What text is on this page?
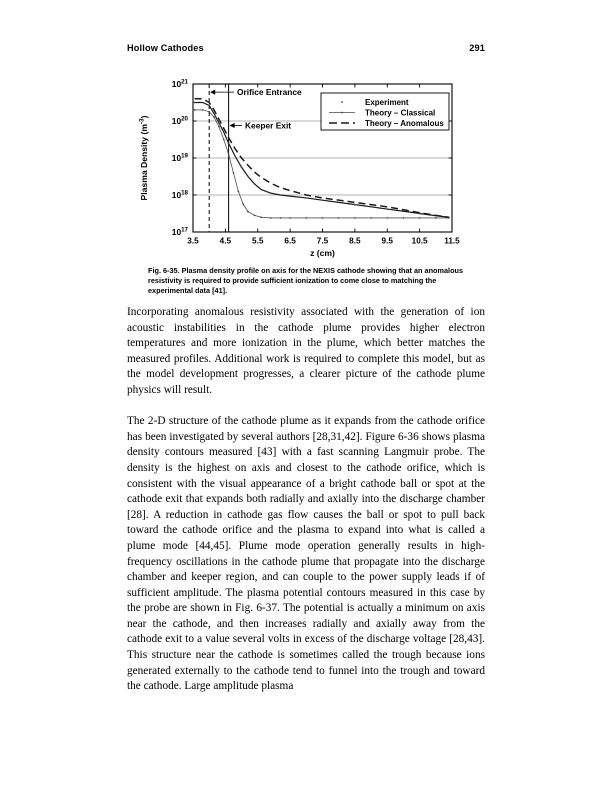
Hollow Cathodes	291
3.5	4.5	5.5	6.5	7.5	8.5	9.5 10.5 11.5
$10^{21}$
$10^{20}$
$10^{19}$
$10^{18}$
$10^{17}$
z (cm)
Plasma Density $(m^{-3})$
Orifice Entrance
Keeper Exit
Experiment
Theory – Classical
Theory – Anomalous
Fig. 6-35. Plasma density profile on axis for the NEXIS cathode showing that an anomalous resistivity is required to provide sufficient ionization to come close to matching the experimental data [41].

Incorporating anomalous resistivity associated with the generation of ion acoustic instabilities in the cathode plume provides higher electron temperatures and more ionization in the plume, which better matches the measured profiles. Additional work is required to complete this model, but as the model development progresses, a clearer picture of the cathode plume physics will result.

The 2-D structure of the cathode plume as it expands from the cathode orifice has been investigated by several authors [28,31,42]. Figure 6-36 shows plasma density contours measured [43] with a fast scanning Langmuir probe. The density is the highest on axis and closest to the cathode orifice, which is consistent with the visual appearance of a bright cathode ball or spot at the cathode exit that expands both radially and axially into the discharge chamber [28]. A reduction in cathode gas flow causes the ball or spot to pull back toward the cathode orifice and the plasma to expand into what is called a plume mode [44,45]. Plume mode operation generally results in high-frequency oscillations in the cathode plume that propagate into the discharge chamber and keeper region, and can couple to the power supply leads if of sufficient amplitude. The plasma potential contours measured in this case by the probe are shown in Fig. 6-37. The potential is actually a minimum on axis near the cathode, and then increases radially and axially away from the cathode exit to a value several volts in excess of the discharge voltage [28,43]. This structure near the cathode is sometimes called the trough because ions generated externally to the cathode tend to funnel into the trough and toward the cathode. Large amplitude plasma
